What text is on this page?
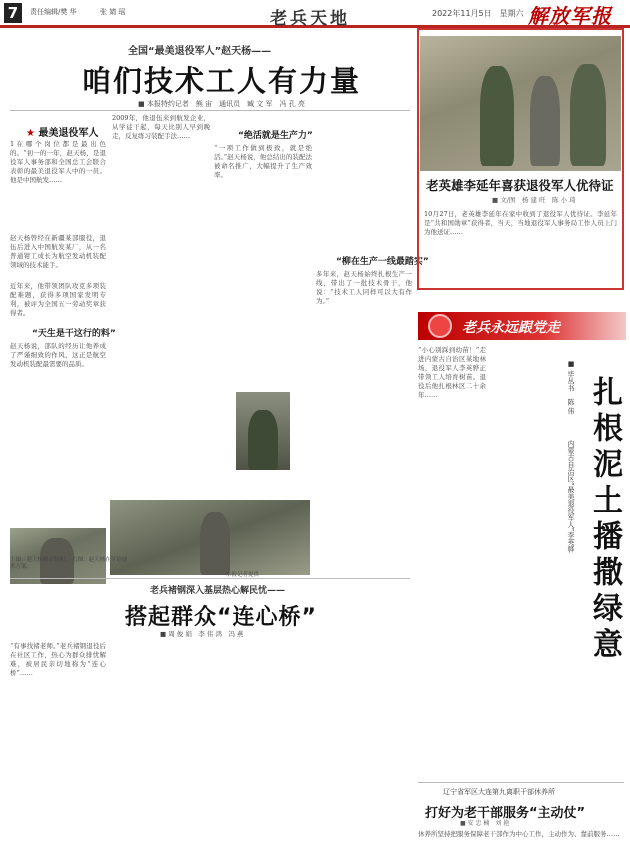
7	责任编辑/樊 华	张 婧 瑶	老兵天地	2022年11月5日　星期六 解放军报
全国“最美退役军人”赵天杨——
咱们技术工人有力量
■ 本报特约记者　熊 宙　通讯员　臧 文 军　冯 孔 亮
★ 最美退役军人
1 在 哪 个 岗 位 都 是 最 出 色 的。“初一的一年，赵天杨，是退役军人事务部和全国总工会联合表彰的最美退役军人中的一员。他是中国航发……
赵天杨曾经在新疆某部服役，退伍后进入中国航发某厂，从一名普通钳工成长为航空发动机装配领域的技术能手。
近年来，他带领团队攻克多项装配难题，获得多项国家发明专利，被评为全国五一劳动奖章获得者。
“天生是干这行的料”
赵天杨说，部队的经历让他养成了严谨细致的作风，这正是航空发动机装配最需要的品质。
2009年，他退伍来到航发企业，从学徒干起，每天比别人早到晚走，反复练习装配手法……	“绝活就是生产力”
“一项工作做到极致，就是绝活。”赵天杨说，他总结出的装配法被命名推广，大幅提升了生产效率。
“柳在生产一线最踏实”
多年来，赵天杨始终扎根生产一线，带出了一批技术骨干，他说：“技术工人同样可以大有作为。”
上图：赵天杨精益装配。 右图：赵天杨在讨论技术方案。
本报记者提供
老英雄李延年喜获退役军人优待证
■ 文/图　杨 建 旺　陈 小 琦
10月27日，老英雄李延年在家中收到了退役军人优待证。李延年是“共和国勋章”获得者，当天，当地退役军人事务局工作人员上门为他送证……
老兵永远跟党走
“小心别踩到幼苗！”走进内蒙古自治区某地林场，退役军人李英骅正带领工人培育树苗。退役后他扎根林区二十余年……	扎根泥土
播撒绿意
内蒙古自治区“最美退役军人”李英骅
■ 毕丛书　陈 伟
老兵褚钢深入基层热心解民忧——
搭起群众“连心桥”
■ 周 俊 娟　李 伟 鸿　冯 燕
“有事找褚老师。”老兵褚钢退役后在社区工作，热心为群众排忧解难，被居民亲切地称为“连心桥”……
辽宁省军区大连第九离职干部休养所
打好为老干部服务“主动仗”
■ 安 忠 楠　刘 艳
休养所坚持把服务保障老干部作为中心工作，主动作为、靠前服务……
